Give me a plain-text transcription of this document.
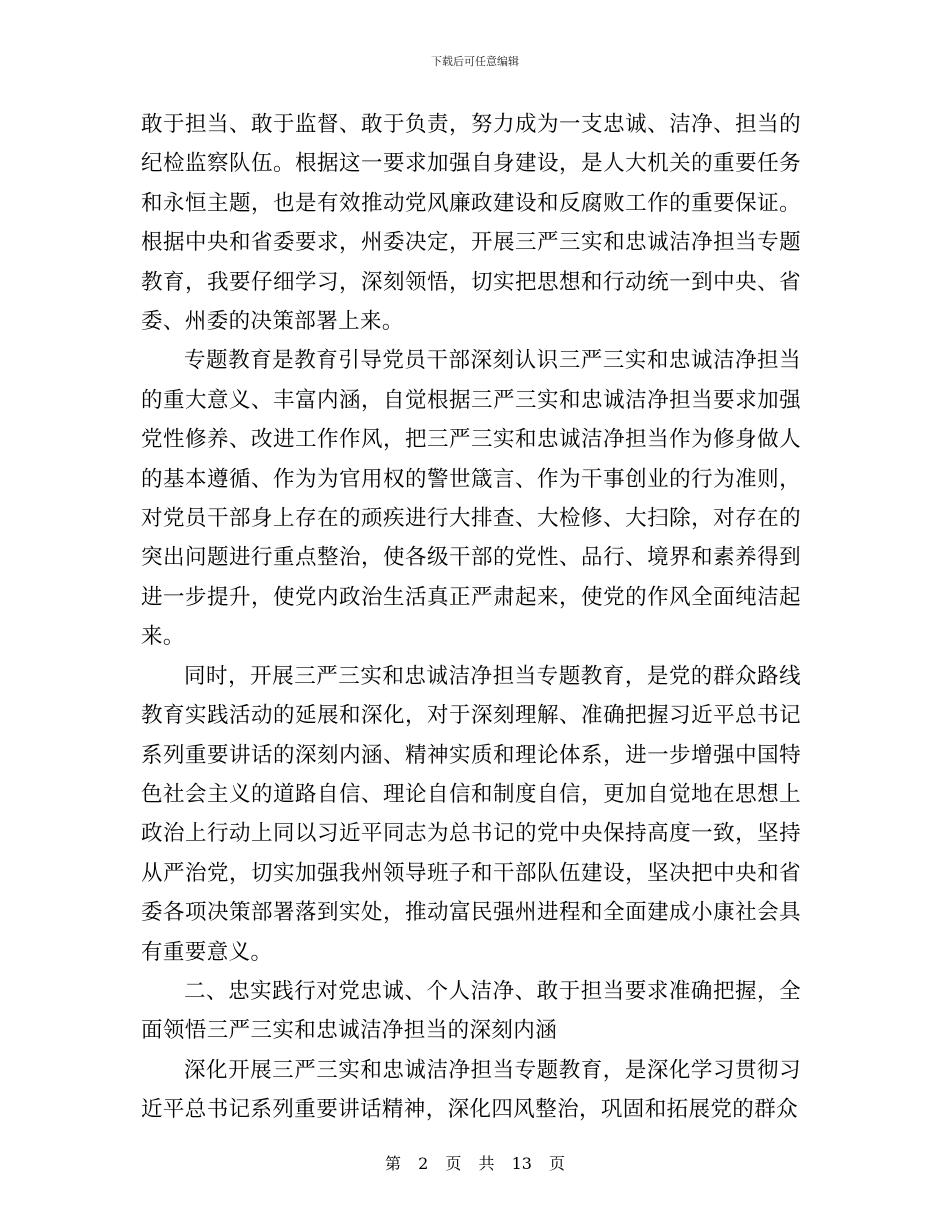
下载后可任意编辑

敢于担当、敢于监督、敢于负责，努力成为一支忠诚、洁净、担当的纪检监察队伍。根据这一要求加强自身建设，是人大机关的重要任务和永恒主题，也是有效推动党风廉政建设和反腐败工作的重要保证。根据中央和省委要求，州委决定，开展三严三实和忠诚洁净担当专题教育，我要仔细学习，深刻领悟，切实把思想和行动统一到中央、省委、州委的决策部署上来。

专题教育是教育引导党员干部深刻认识三严三实和忠诚洁净担当的重大意义、丰富内涵，自觉根据三严三实和忠诚洁净担当要求加强党性修养、改进工作作风，把三严三实和忠诚洁净担当作为修身做人的基本遵循、作为为官用权的警世箴言、作为干事创业的行为准则，对党员干部身上存在的顽疾进行大排查、大检修、大扫除，对存在的突出问题进行重点整治，使各级干部的党性、品行、境界和素养得到进一步提升，使党内政治生活真正严肃起来，使党的作风全面纯洁起来。

同时，开展三严三实和忠诚洁净担当专题教育，是党的群众路线教育实践活动的延展和深化，对于深刻理解、准确把握习近平总书记系列重要讲话的深刻内涵、精神实质和理论体系，进一步增强中国特色社会主义的道路自信、理论自信和制度自信，更加自觉地在思想上政治上行动上同以习近平同志为总书记的党中央保持高度一致，坚持从严治党，切实加强我州领导班子和干部队伍建设，坚决把中央和省委各项决策部署落到实处，推动富民强州进程和全面建成小康社会具有重要意义。

二、忠实践行对党忠诚、个人洁净、敢于担当要求准确把握，全面领悟三严三实和忠诚洁净担当的深刻内涵

深化开展三严三实和忠诚洁净担当专题教育，是深化学习贯彻习近平总书记系列重要讲话精神，深化四风整治，巩固和拓展党的群众

第 2 页 共 13 页
